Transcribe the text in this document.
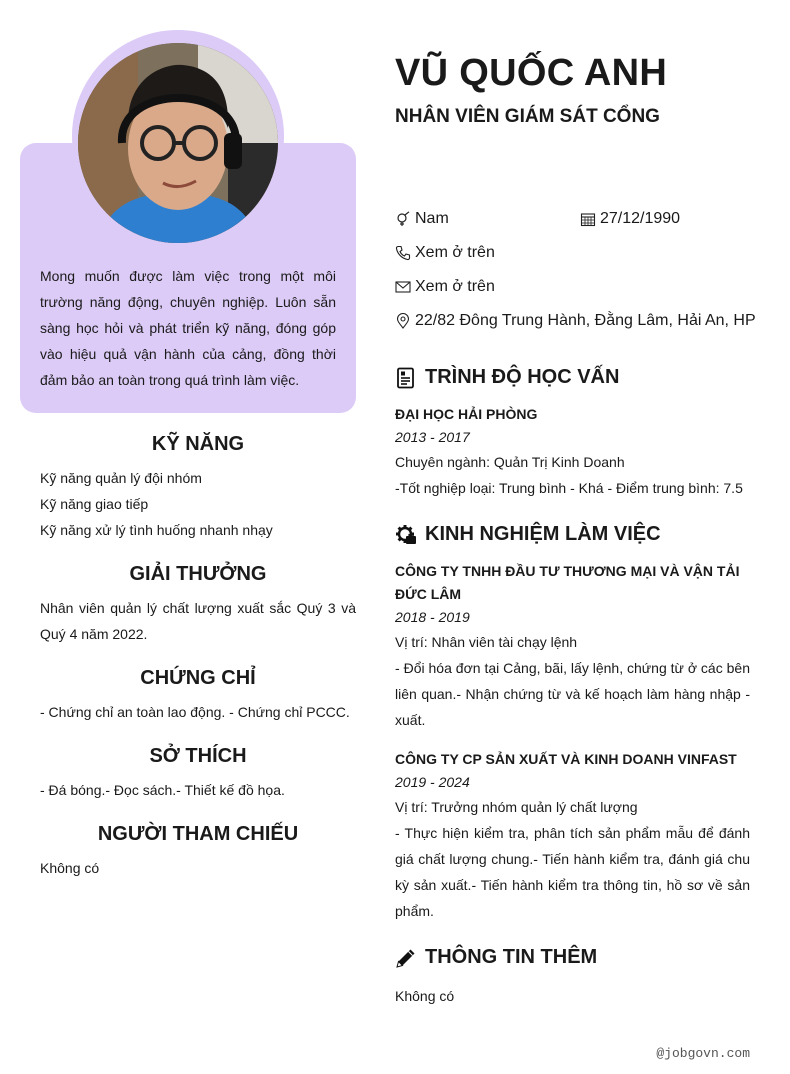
Mong muốn được làm việc trong một môi trường năng động, chuyên nghiệp. Luôn sẵn sàng học hỏi và phát triển kỹ năng, đóng góp vào hiệu quả vận hành của cảng, đồng thời đảm bảo an toàn trong quá trình làm việc.

KỸ NĂNG
Kỹ năng quản lý đội nhóm
Kỹ năng giao tiếp
Kỹ năng xử lý tình huống nhanh nhạy
GIẢI THƯỞNG

Nhân viên quản lý chất lượng xuất sắc Quý 3 và Quý 4 năm 2022.

CHỨNG CHỈ

- Chứng chỉ an toàn lao động. - Chứng chỉ PCCC.

SỞ THÍCH

- Đá bóng.- Đọc sách.- Thiết kế đồ họa.

NGƯỜI THAM CHIẾU

Không có

VŨ QUỐC ANH
NHÂN VIÊN GIÁM SÁT CỔNG
Nam	27/12/1990
Xem ở trên
Xem ở trên
22/82 Đông Trung Hành, Đằng Lâm, Hải An, HP
TRÌNH ĐỘ HỌC VẤN
ĐẠI HỌC HẢI PHÒNG
2013 - 2017
Chuyên ngành: Quản Trị Kinh Doanh
-Tốt nghiệp loại: Trung bình - Khá - Điểm trung bình: 7.5
KINH NGHIỆM LÀM VIỆC
CÔNG TY TNHH ĐẦU TƯ THƯƠNG MẠI VÀ VẬN TẢI ĐỨC LÂM
2018 - 2019
Vị trí: Nhân viên tài chạy lệnh
- Đổi hóa đơn tại Cảng, bãi, lấy lệnh, chứng từ ở các bên liên quan.- Nhận chứng từ và kế hoạch làm hàng nhập - xuất.
CÔNG TY CP SẢN XUẤT VÀ KINH DOANH VINFAST
2019 - 2024
Vị trí: Trưởng nhóm quản lý chất lượng
- Thực hiện kiểm tra, phân tích sản phẩm mẫu để đánh giá chất lượng chung.- Tiến hành kiểm tra, đánh giá chu kỳ sản xuất.- Tiến hành kiểm tra thông tin, hồ sơ về sản phẩm.
THÔNG TIN THÊM
Không có
@jobgovn.com
